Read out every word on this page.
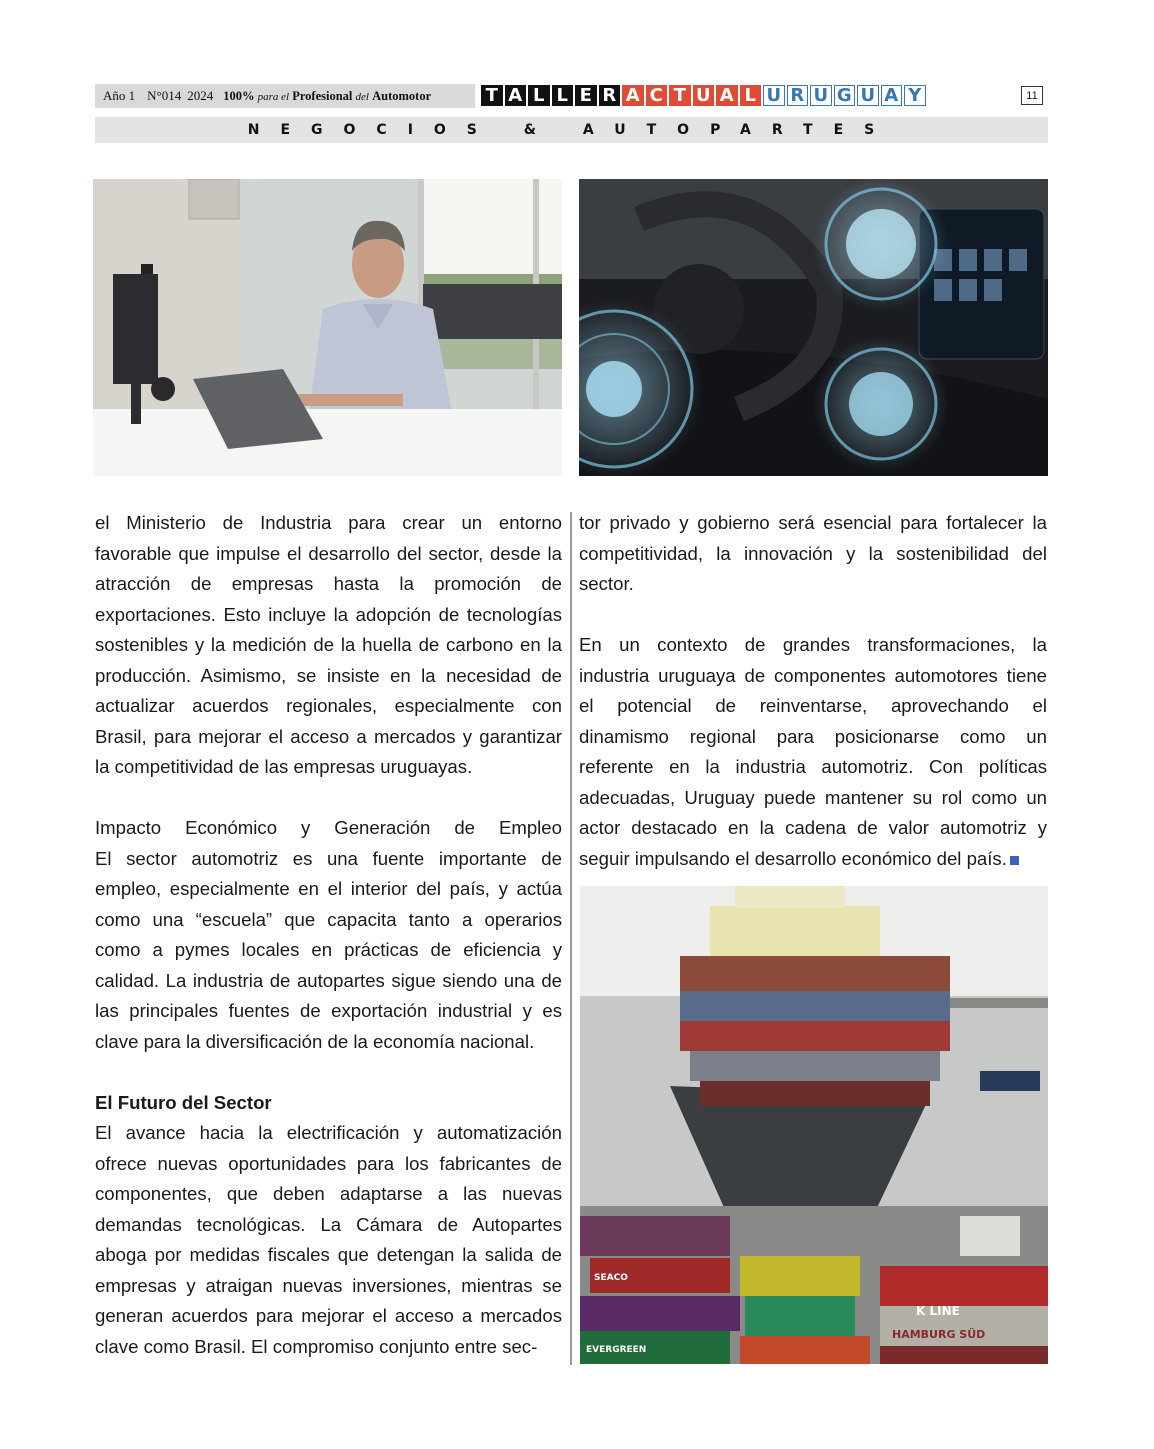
Año 1 N°014 2024 100% para el Profesional del Automotor	T A L L E R A C T U A L U R U G U A Y	11
NEGOCIOS & AUTOPARTES

el Ministerio de Industria para crear un entorno favorable que impulse el desarrollo del sector, desde la atracción de empresas hasta la promoción de exportaciones. Esto incluye la adopción de tecnologías sostenibles y la medición de la huella de carbono en la producción. Asimismo, se insiste en la necesidad de actualizar acuerdos regionales, especialmente con Brasil, para mejorar el acceso a mercados y garantizar la competitividad de las empresas uruguayas.

Impacto Económico y Generación de Empleo

El sector automotriz es una fuente importante de empleo, especialmente en el interior del país, y actúa como una “escuela” que capacita tanto a operarios como a pymes locales en prácticas de eficiencia y calidad. La industria de autopartes sigue siendo una de las principales fuentes de exportación industrial y es clave para la diversificación de la economía nacional.

El Futuro del Sector

El avance hacia la electrificación y automatización ofrece nuevas oportunidades para los fabricantes de componentes, que deben adaptarse a las nuevas demandas tecnológicas. La Cámara de Autopartes aboga por medidas fiscales que detengan la salida de empresas y atraigan nuevas inversiones, mientras se generan acuerdos para mejorar el acceso a mercados clave como Brasil. El compromiso conjunto entre sec-

tor privado y gobierno será esencial para fortalecer la competitividad, la innovación y la sostenibilidad del sector.

En un contexto de grandes transformaciones, la industria uruguaya de componentes automotores tiene el potencial de reinventarse, aprovechando el dinamismo regional para posicionarse como un referente en la industria automotriz. Con políticas adecuadas, Uruguay puede mantener su rol como un actor destacado en la cadena de valor automotriz y seguir impulsando el desarrollo económico del país.

K LINE
HAMBURG SÜD
EVERGREEN
SEACO
